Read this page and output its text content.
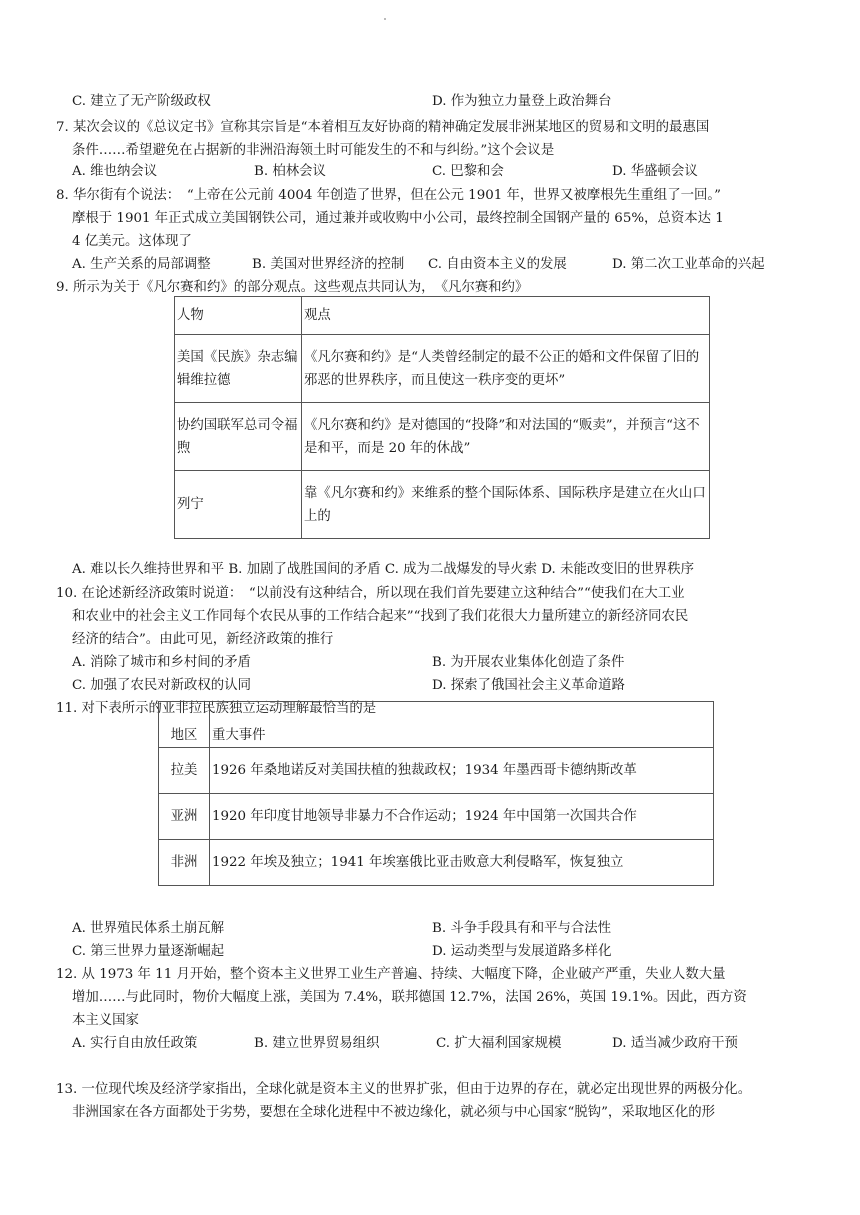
C. 建立了无产阶级政权	D. 作为独立力量登上政治舞台
7. 某次会议的《总议定书》宣称其宗旨是“本着相互友好协商的精神确定发展非洲某地区的贸易和文明的最惠国
条件……希望避免在占据新的非洲沿海领土时可能发生的不和与纠纷。”这个会议是
A. 维也纳会议	B. 柏林会议	C. 巴黎和会	D. 华盛顿会议
8. 华尔街有个说法：　“上帝在公元前 4004 年创造了世界，但在公元 1901 年，世界又被摩根先生重组了一回。”
摩根于 1901 年正式成立美国钢铁公司，通过兼并或收购中小公司，最终控制全国钢产量的 65%，总资本达 1
4 亿美元。这体现了
A. 生产关系的局部调整	B. 美国对世界经济的控制 C. 自由资本主义的发展	D. 第二次工业革命的兴起
9. 所示为关于《凡尔赛和约》的部分观点。这些观点共同认为，　《凡尔赛和约》
人物	观点
美国《民族》杂志编辑维拉德	《凡尔赛和约》是“人类曾经制定的最不公正的婚和文件保留了旧的邪恶的世界秩序，而且使这一秩序变的更坏”
协约国联军总司令福煦	《凡尔赛和约》是对德国的“投降”和对法国的“贩卖”，并预言“这不是和平，而是 20 年的休战”
列宁	靠《凡尔赛和约》来维系的整个国际体系、国际秩序是建立在火山口上的
A. 难以长久维持世界和平 B. 加剧了战胜国间的矛盾 C. 成为二战爆发的导火索 D. 未能改变旧的世界秩序
10. 在论述新经济政策时说道：　“以前没有这种结合，所以现在我们首先要建立这种结合”“使我们在大工业
和农业中的社会主义工作同每个农民从事的工作结合起来”“找到了我们花很大力量所建立的新经济同农民
经济的结合”。由此可见，新经济政策的推行
A. 消除了城市和乡村间的矛盾	B. 为开展农业集体化创造了条件
C. 加强了农民对新政权的认同	D. 探索了俄国社会主义革命道路
11. 对下表所示的亚非拉民族独立运动理解最恰当的是
地区	重大事件
拉美	1926 年桑地诺反对美国扶植的独裁政权；1934 年墨西哥卡德纳斯改革
亚洲	1920 年印度甘地领导非暴力不合作运动；1924 年中国第一次国共合作
非洲	1922 年埃及独立；1941 年埃塞俄比亚击败意大利侵略军，恢复独立
A. 世界殖民体系土崩瓦解	B. 斗争手段具有和平与合法性
C. 第三世界力量逐渐崛起	D. 运动类型与发展道路多样化
12. 从 1973 年 11 月开始，整个资本主义世界工业生产普遍、持续、大幅度下降，企业破产严重，失业人数大量
增加……与此同时，物价大幅度上涨，美国为 7.4%，联邦德国 12.7%，法国 26%，英国 19.1%。因此，西方资
本主义国家
A. 实行自由放任政策	B. 建立世界贸易组织	C. 扩大福利国家规模	D. 适当减少政府干预
13. 一位现代埃及经济学家指出，全球化就是资本主义的世界扩张，但由于边界的存在，就必定出现世界的两极分化。
非洲国家在各方面都处于劣势，要想在全球化进程中不被边缘化，就必须与中心国家“脱钩”，采取地区化的形
